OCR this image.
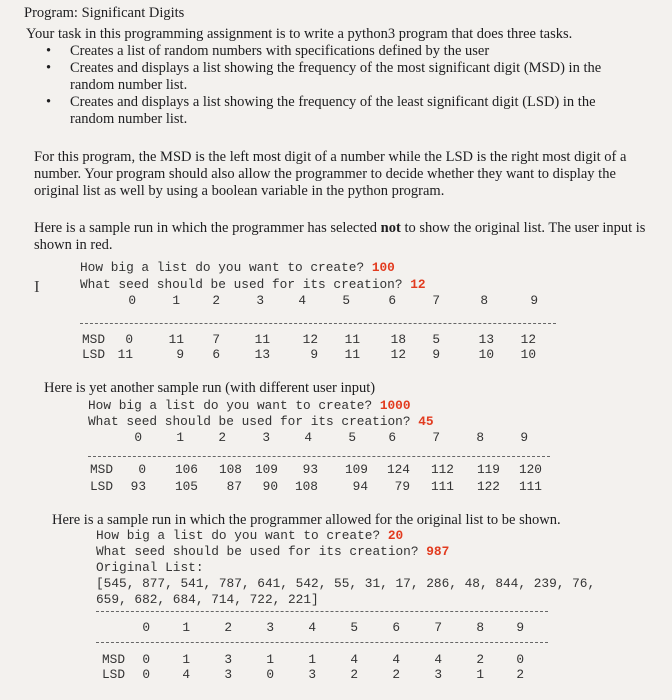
Program: Significant Digits
Your task in this programming assignment is to write a python3 program that does three tasks.
• Creates a list of random numbers with specifications defined by the user
• Creates and displays a list showing the frequency of the most significant digit (MSD) in the random number list.
• Creates and displays a list showing the frequency of the least significant digit (LSD) in the random number list.
For this program, the MSD is the left most digit of a number while the LSD is the right most digit of a number. Your program should also allow the programmer to decide whether they want to display the original list as well by using a boolean variable in the python program.
Here is a sample run in which the programmer has selected not to show the original list. The user input is shown in red.
How big a list do you want to create? 100
I	What seed should be used for its creation? 12
0	1	2	3	4	5	6	7	8	9
MSD	0	11	7	11	12	11	18	5	13	12
LSD 11	9	6	13	9	11	12	9	10	10
Here is yet another sample run (with different user input)
How big a list do you want to create? 1000
What seed should be used for its creation? 45
0	1	2	3	4	5	6	7	8	9
MSD	0	106	108	109	93	109	124	112	119	120
LSD	93	105	87	90	108	94	79	111	122	111
Here is a sample run in which the programmer allowed for the original list to be shown.
How big a list do you want to create? 20
What seed should be used for its creation? 987
Original List:
[545, 877, 541, 787, 641, 542, 55, 31, 17, 286, 48, 844, 239, 76,
659, 682, 684, 714, 722, 221]
0	1	2	3	4	5	6	7	8	9
MSD	0	1	3	1	1	4	4	4	2	0
LSD	0	4	3	0	3	2	2	3	1	2
